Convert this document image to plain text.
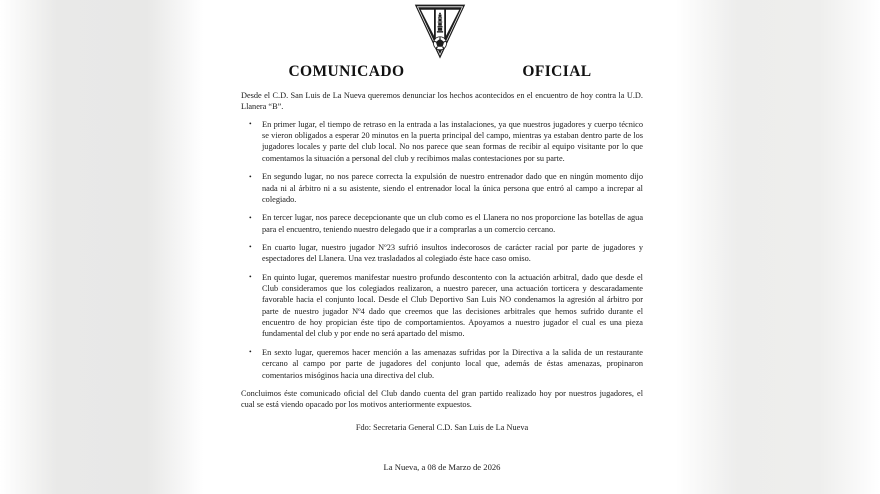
COMUNICADO	OFICIAL

Desde el C.D. San Luis de La Nueva queremos denunciar los hechos acontecidos en el encuentro de hoy contra la U.D. Llanera “B”.

• En primer lugar, el tiempo de retraso en la entrada a las instalaciones, ya que nuestros jugadores y cuerpo técnico se vieron obligados a esperar 20 minutos en la puerta principal del campo, mientras ya estaban dentro parte de los jugadores locales y parte del club local. No nos parece que sean formas de recibir al equipo visitante por lo que comentamos la situación a personal del club y recibimos malas contestaciones por su parte.
• En segundo lugar, no nos parece correcta la expulsión de nuestro entrenador dado que en ningún momento dijo nada ni al árbitro ni a su asistente, siendo el entrenador local la única persona que entró al campo a increpar al colegiado.
• En tercer lugar, nos parece decepcionante que un club como es el Llanera no nos proporcione las botellas de agua para el encuentro, teniendo nuestro delegado que ir a comprarlas a un comercio cercano.
• En cuarto lugar, nuestro jugador Nº23 sufrió insultos indecorosos de carácter racial por parte de jugadores y espectadores del Llanera. Una vez trasladados al colegiado éste hace caso omiso.
• En quinto lugar, queremos manifestar nuestro profundo descontento con la actuación arbitral, dado que desde el Club consideramos que los colegiados realizaron, a nuestro parecer, una actuación torticera y descaradamente favorable hacia el conjunto local. Desde el Club Deportivo San Luis NO condenamos la agresión al árbitro por parte de nuestro jugador Nº4 dado que creemos que las decisiones arbitrales que hemos sufrido durante el encuentro de hoy propician éste tipo de comportamientos. Apoyamos a nuestro jugador el cual es una pieza fundamental del club y por ende no será apartado del mismo.
• En sexto lugar, queremos hacer mención a las amenazas sufridas por la Directiva a la salida de un restaurante cercano al campo por parte de jugadores del conjunto local que, además de éstas amenazas, propinaron comentarios misóginos hacia una directiva del club.

Concluimos éste comunicado oficial del Club dando cuenta del gran partido realizado hoy por nuestros jugadores, el cual se está viendo opacado por los motivos anteriormente expuestos.

Fdo: Secretaria General C.D. San Luis de La Nueva

La Nueva, a 08 de Marzo de 2026
